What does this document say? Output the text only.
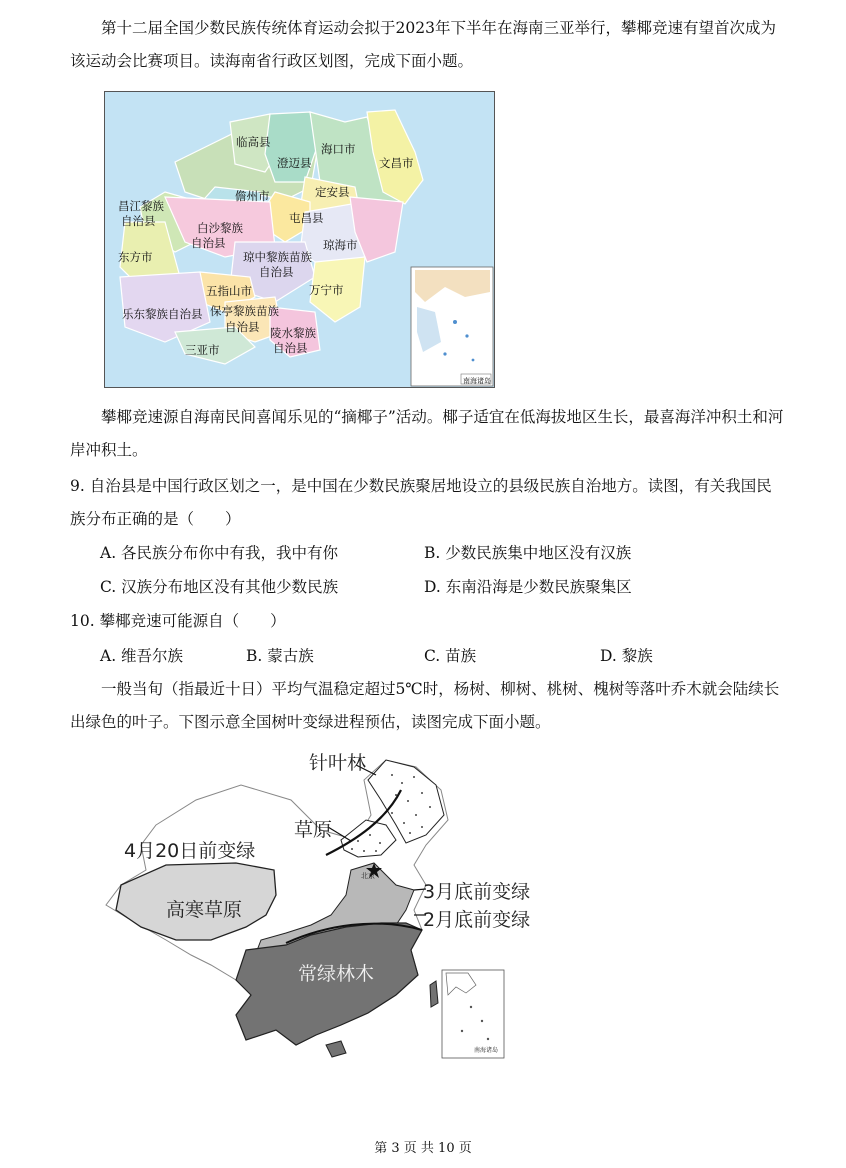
第十二届全国少数民族传统体育运动会拟于2023年下半年在海南三亚举行，攀椰竞速有望首次成为该运动会比赛项目。读海南省行政区划图，完成下面小题。

临高县	海口市
澄迈县	文昌市
儋州市	定安县
昌江黎族
自治县	白沙黎族
自治县
屯昌县
东方市
琼海市
琼中黎族苗族
自治县
五指山市	万宁市
乐东黎族自治县 保亭黎族苗族
自治县 陵水黎族
自治县
三亚市
南海诸岛

攀椰竞速源自海南民间喜闻乐见的“摘椰子”活动。椰子适宜在低海拔地区生长，最喜海洋冲积土和河岸冲积土。

9. 自治县是中国行政区划之一，是中国在少数民族聚居地设立的县级民族自治地方。读图，有关我国民族分布正确的是（　　）

A. 各民族分布你中有我，我中有你	B. 少数民族集中地区没有汉族
C. 汉族分布地区没有其他少数民族	D. 东南沿海是少数民族聚集区
10. 攀椰竞速可能源自（　　）
A. 维吾尔族	B. 蒙古族	C. 苗族	D. 黎族

一般当旬（指最近十日）平均气温稳定超过5℃时，杨树、柳树、桃树、槐树等落叶乔木就会陆续长出绿色的叶子。下图示意全国树叶变绿进程预估，读图完成下面小题。

针叶林
草原
4月20日前变绿
高寒草原
北京
3月底前变绿
2月底前变绿
常绿林木
南海诸岛
第 3 页 共 10 页
